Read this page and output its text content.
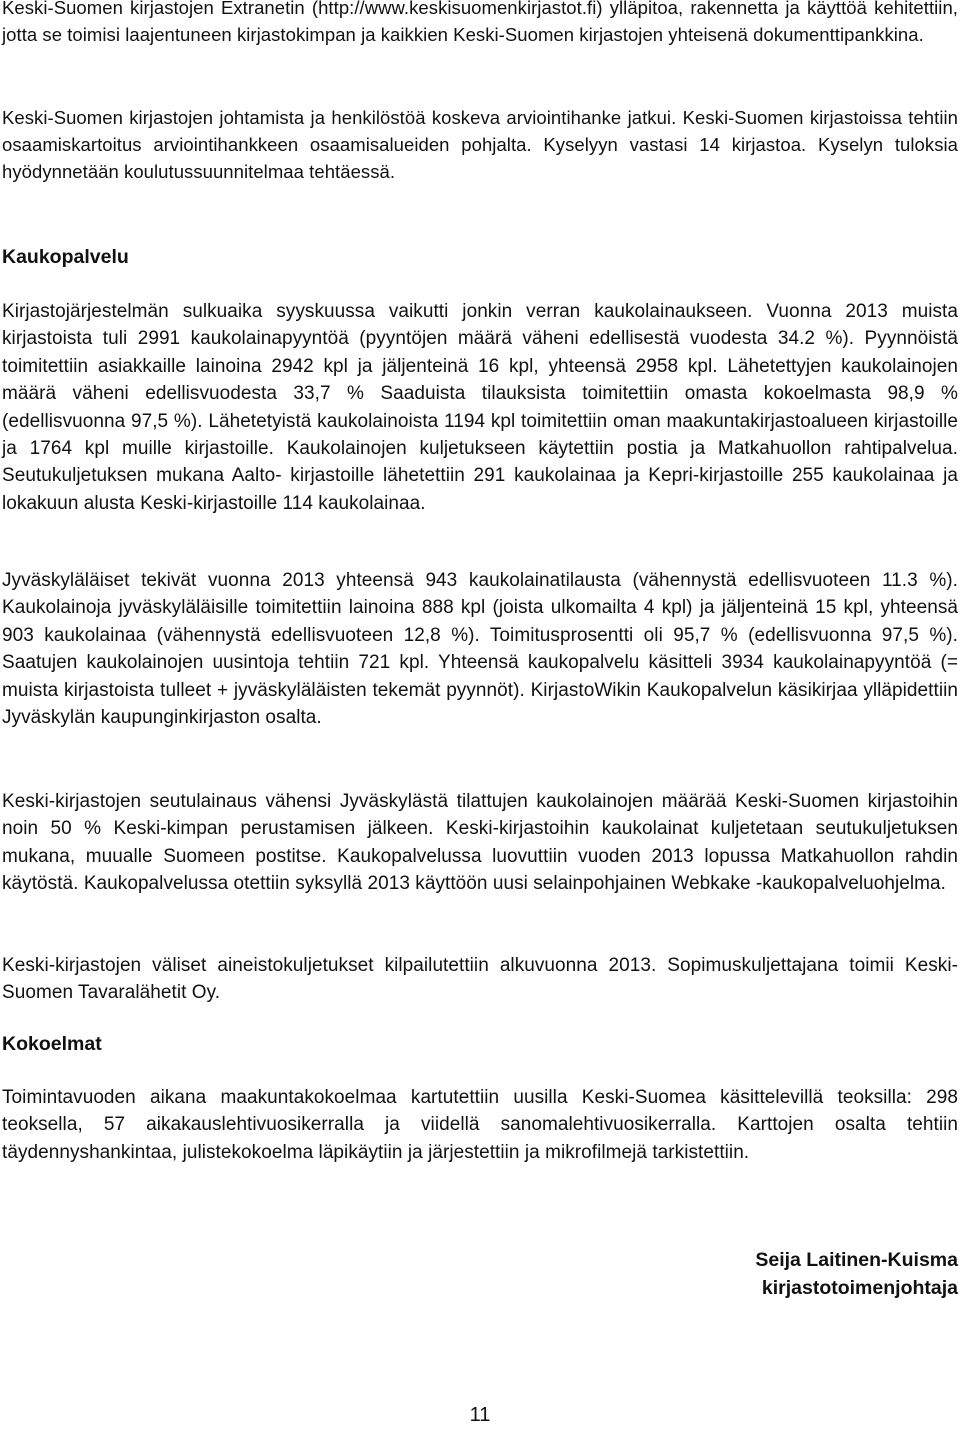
Keski-Suomen kirjastojen Extranetin (http://www.keskisuomenkirjastot.fi) ylläpitoa, rakennetta ja käyttöä kehitettiin, jotta se toimisi laajentuneen kirjastokimpan ja kaikkien Keski-Suomen kirjastojen yhteisenä dokumenttipankkina.

Keski-Suomen kirjastojen johtamista ja henkilöstöä koskeva arviointihanke jatkui. Keski-Suomen kirjastoissa tehtiin osaamiskartoitus arviointihankkeen osaamisalueiden pohjalta. Kyselyyn vastasi 14 kirjastoa. Kyselyn tuloksia hyödynnetään koulutussuunnitelmaa tehtäessä.

Kaukopalvelu

Kirjastojärjestelmän sulkuaika syyskuussa vaikutti jonkin verran kaukolainaukseen. Vuonna 2013 muista kirjastoista tuli 2991 kaukolainapyyntöä (pyyntöjen määrä väheni edellisestä vuodesta 34.2 %). Pyynnöistä toimitettiin asiakkaille lainoina 2942 kpl ja jäljenteinä 16 kpl, yhteensä 2958 kpl. Lähetettyjen kaukolainojen määrä väheni edellisvuodesta 33,7 % Saaduista tilauksista toimitettiin omasta kokoelmasta 98,9 % (edellisvuonna 97,5 %). Lähetetyistä kaukolainoista 1194 kpl toimitettiin oman maakuntakirjastoalueen kirjastoille ja 1764 kpl muille kirjastoille. Kaukolainojen kuljetukseen käytettiin postia ja Matkahuollon rahtipalvelua. Seutukuljetuksen mukana Aalto- kirjastoille lähetettiin 291 kaukolainaa ja Kepri-kirjastoille 255 kaukolainaa ja lokakuun alusta Keski-kirjastoille 114 kaukolainaa.

Jyväskyläläiset tekivät vuonna 2013 yhteensä 943 kaukolainatilausta (vähennystä edellisvuoteen 11.3 %). Kaukolainoja jyväskyläläisille toimitettiin lainoina 888 kpl (joista ulkomailta 4 kpl) ja jäljenteinä 15 kpl, yhteensä 903 kaukolainaa (vähennystä edellisvuoteen 12,8 %). Toimitusprosentti oli 95,7 % (edellisvuonna 97,5 %). Saatujen kaukolainojen uusintoja tehtiin 721 kpl. Yhteensä kaukopalvelu käsitteli 3934 kaukolainapyyntöä (= muista kirjastoista tulleet + jyväskyläläisten tekemät pyynnöt). KirjastoWikin Kaukopalvelun käsikirjaa ylläpidettiin Jyväskylän kaupunginkirjaston osalta.

Keski-kirjastojen seutulainaus vähensi Jyväskylästä tilattujen kaukolainojen määrää Keski-Suomen kirjastoihin noin 50 % Keski-kimpan perustamisen jälkeen. Keski-kirjastoihin kaukolainat kuljetetaan seutukuljetuksen mukana, muualle Suomeen postitse. Kaukopalvelussa luovuttiin vuoden 2013 lopussa Matkahuollon rahdin käytöstä. Kaukopalvelussa otettiin syksyllä 2013 käyttöön uusi selainpohjainen Webkake -kaukopalveluohjelma.

Keski-kirjastojen väliset aineistokuljetukset kilpailutettiin alkuvuonna 2013. Sopimuskuljettajana toimii Keski-Suomen Tavaralähetit Oy.

Kokoelmat

Toimintavuoden aikana maakuntakokoelmaa kartutettiin uusilla Keski-Suomea käsittelevillä teoksilla: 298 teoksella, 57 aikakauslehtivuosikerralla ja viidellä sanomalehtivuosikerralla. Karttojen osalta tehtiin täydennyshankintaa, julistekokoelma läpikäytiin ja järjestettiin ja mikrofilmejä tarkistettiin.

Seija Laitinen-Kuisma
kirjastotoimenjohtaja
11
